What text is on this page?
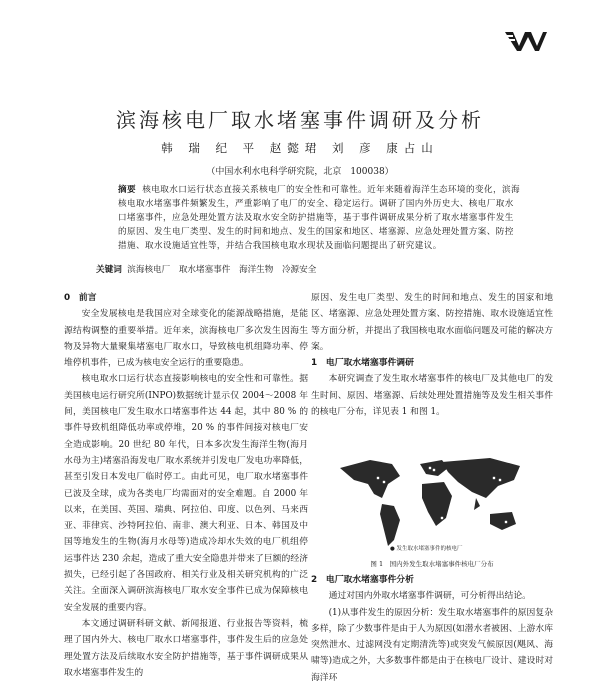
滨海核电厂取水堵塞事件调研及分析
韩 瑞 纪 平 赵懿珺 刘 彦 康占山
（中国水利水电科学研究院，北京　100038）
摘要 核电取水口运行状态直接关系核电厂的安全性和可靠性。近年来随着海洋生态环境的变化，滨海核电取水堵塞事件频繁发生，严重影响了电厂的安全、稳定运行。调研了国内外历史大、核电厂取水口堵塞事件，应急处理处置方法及取水安全防护措施等，基于事件调研成果分析了取水堵塞事件发生的原因、发生电厂类型、发生的时间和地点、发生的国家和地区、堵塞源、应急处理处置方案、防控措施、取水设施适宜性等，并结合我国核电取水现状及面临问题提出了研究建议。
关键词 滨海核电厂　取水堵塞事件　海洋生物　冷源安全
0　前言

安全发展核电是我国应对全球变化的能源战略措施，是能源结构调整的重要举措。近年来，滨海核电厂多次发生因海生物及异物大量聚集堵塞电厂取水口，导致核电机组降功率、停堆停机事件，已成为核电安全运行的重要隐患。

核电取水口运行状态直接影响核电的安全性和可靠性。据美国核电运行研究所(INPO)数据统计显示仅 2004～2008 年间，美国核电厂发生取水口堵塞事件达 44 起，其中 80 % 的事件导致机组降低功率或停堆，20 % 的事件间接对核电厂安全造成影响。20 世纪 80 年代，日本多次发生海洋生物(海月水母为主)堵塞沿海发电厂取水系统并引发电厂发电功率降低，甚至引发日本发电厂临时停工。由此可见，电厂取水堵塞事件已波及全球，成为各类电厂均需面对的安全难题。自 2000 年以来，在美国、英国、瑞典、阿拉伯、印度、以色列、马来西亚、菲律宾、沙特阿拉伯、南非、澳大利亚、日本、韩国及中国等地发生的生物(海月水母等)造成冷却水失效的电厂机组停运事件达 230 余起，造成了重大安全隐患并带来了巨额的经济损失，已经引起了各国政府、相关行业及相关研究机构的广泛关注。全面深入调研滨海核电厂取水安全事件已成为保障核电安全发展的重要内容。

本文通过调研科研文献、新闻报道、行业报告等资料，梳理了国内外大、核电厂取水口堵塞事件，事件发生后的应急处理处置方法及后续取水安全防护措施等，基于事件调研成果从取水堵塞事件发生的

原因、发生电厂类型、发生的时间和地点、发生的国家和地区、堵塞源、应急处理处置方案、防控措施、取水设施适宜性等方面分析，并提出了我国核电取水面临问题及可能的解决方案。
1　电厂取水堵塞事件调研

本研究调查了发生取水堵塞事件的核电厂及其他电厂的发生时间、原因、堵塞源、后续处理处置措施等及发生相关事件的核电厂分布，详见表 1 和图 1。

● 发生取水堵塞事件的核电厂
图 1　国内外发生取水堵塞事件核电厂分布
2　电厂取水堵塞事件分析

通过对国内外取水堵塞事件调研，可分析得出结论。

(1)从事件发生的原因分析：发生取水堵塞事件的原因复杂多样，除了少数事件是由于人为原因(如潜水者被困、上游水库突然泄水、过滤网没有定期清洗等)或突发气候原因(飓风、海啸等)造成之外，大多数事件都是由于在核电厂设计、建设时对海洋环
